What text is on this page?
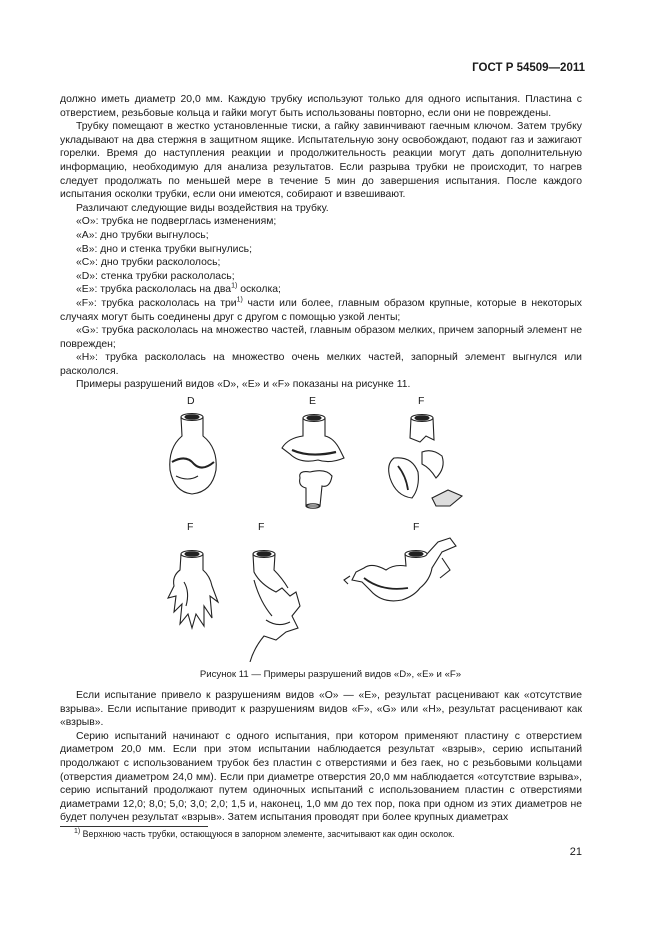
ГОСТ Р 54509—2011

должно иметь диаметр 20,0 мм. Каждую трубку используют только для одного испытания. Пластина с отверстием, резьбовые кольца и гайки могут быть использованы повторно, если они не повреждены.

Трубку помещают в жестко установленные тиски, а гайку завинчивают гаечным ключом. Затем трубку укладывают на два стержня в защитном ящике. Испытательную зону освобождают, подают газ и зажигают горелки. Время до наступления реакции и продолжительность реакции могут дать дополнительную информацию, необходимую для анализа результатов. Если разрыва трубки не происходит, то нагрев следует продолжать по меньшей мере в течение 5 мин до завершения испытания. После каждого испытания осколки трубки, если они имеются, собирают и взвешивают.

Различают следующие виды воздействия на трубку.

«О»: трубка не подверглась изменениям;

«А»: дно трубки выгнулось;

«В»: дно и стенка трубки выгнулись;

«С»: дно трубки раскололось;

«D»: стенка трубки раскололась;

«Е»: трубка раскололась на два$^{1)}$ осколка;

«F»: трубка раскололась на три$^{1)}$ части или более, главным образом крупные, которые в некоторых случаях могут быть соединены друг с другом с помощью узкой ленты;

«G»: трубка раскололась на множество частей, главным образом мелких, причем запорный элемент не поврежден;

«Н»: трубка раскололась на множество очень мелких частей, запорный элемент выгнулся или раскололся.

Примеры разрушений видов «D», «Е» и «F» показаны на рисунке 11.

D	E	F
F	F	F
Рисунок 11 — Примеры разрушений видов «D», «Е» и «F»

Если испытание привело к разрушениям видов «О» — «Е», результат расценивают как «отсутствие взрыва». Если испытание приводит к разрушениям видов «F», «G» или «Н», результат расценивают как «взрыв».

Серию испытаний начинают с одного испытания, при котором применяют пластину с отверстием диаметром 20,0 мм. Если при этом испытании наблюдается результат «взрыв», серию испытаний продолжают с использованием трубок без пластин с отверстиями и без гаек, но с резьбовыми кольцами (отверстия диаметром 24,0 мм). Если при диаметре отверстия 20,0 мм наблюдается «отсутствие взрыва», серию испытаний продолжают путем одиночных испытаний с использованием пластин с отверстиями диаметрами 12,0; 8,0; 5,0; 3,0; 2,0; 1,5 и, наконец, 1,0 мм до тех пор, пока при одном из этих диаметров не будет получен результат «взрыв». Затем испытания проводят при более крупных диаметрах

$^{1)}$ Верхнюю часть трубки, остающуюся в запорном элементе, засчитывают как один осколок.
21
